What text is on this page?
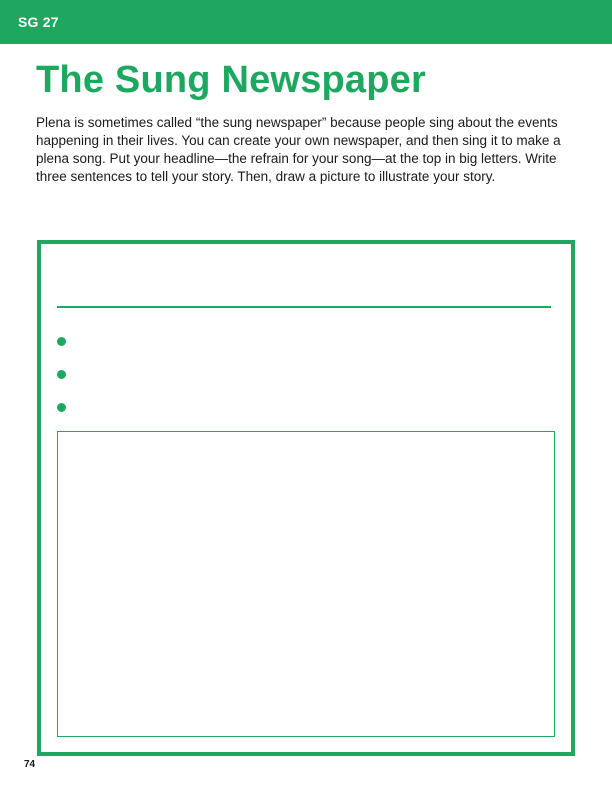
SG 27
The Sung Newspaper

Plena is sometimes called “the sung newspaper” because people sing about the events happening in their lives. You can create your own newspaper, and then sing it to make a plena song. Put your headline—the refrain for your song—at the top in big letters. Write three sentences to tell your story. Then, draw a picture to illustrate your story.

74
